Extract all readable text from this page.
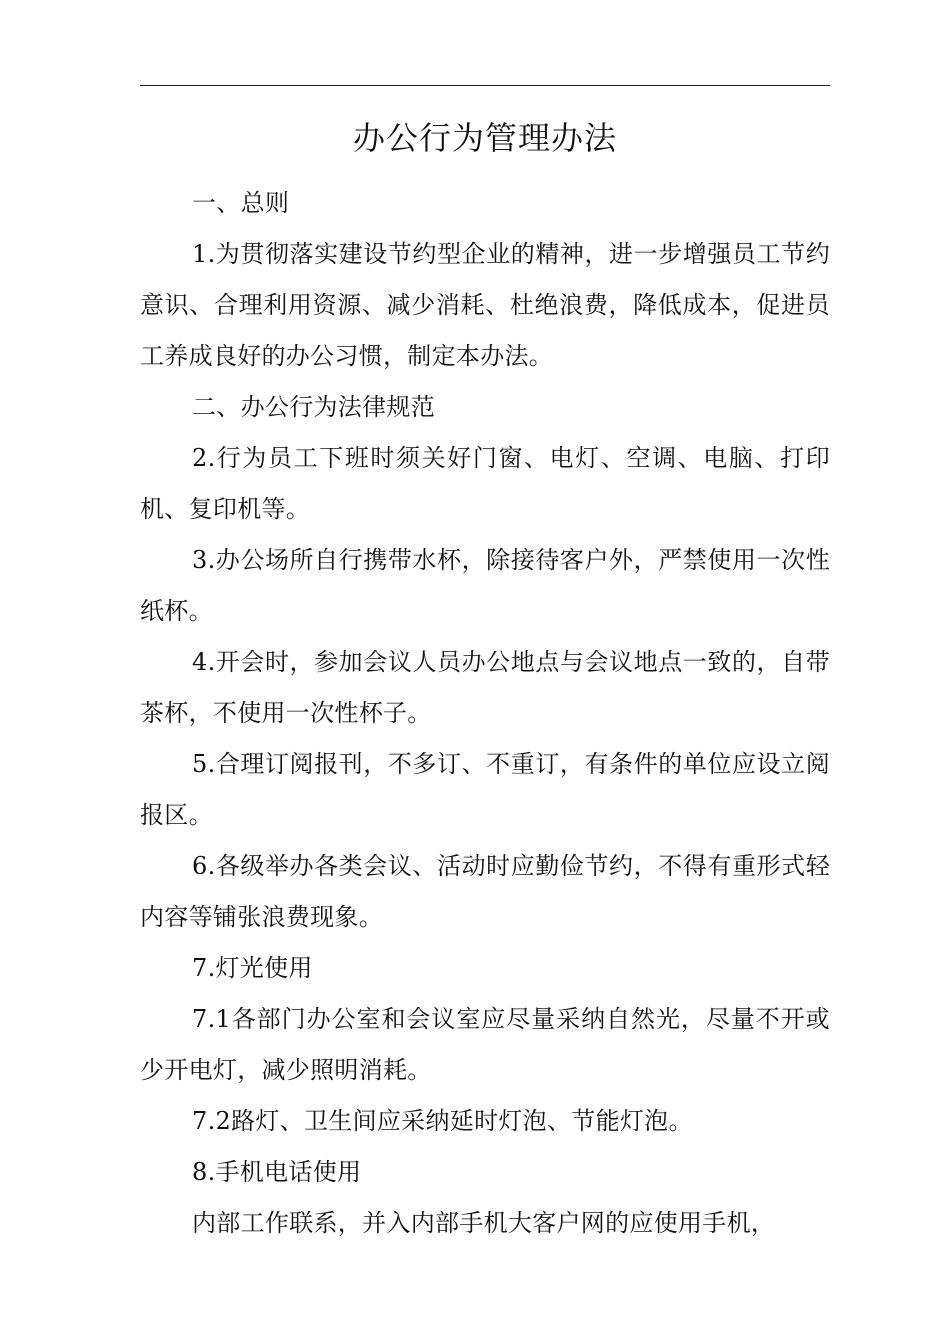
办公行为管理办法

一、总则

1.为贯彻落实建设节约型企业的精神，进一步增强员工节约意识、合理利用资源、减少消耗、杜绝浪费，降低成本，促进员工养成良好的办公习惯，制定本办法。

二、办公行为法律规范

2.行为员工下班时须关好门窗、电灯、空调、电脑、打印机、复印机等。

3.办公场所自行携带水杯，除接待客户外，严禁使用一次性纸杯。

4.开会时，参加会议人员办公地点与会议地点一致的，自带茶杯，不使用一次性杯子。

5.合理订阅报刊，不多订、不重订，有条件的单位应设立阅报区。

6.各级举办各类会议、活动时应勤俭节约，不得有重形式轻内容等铺张浪费现象。

7.灯光使用

7.1各部门办公室和会议室应尽量采纳自然光，尽量不开或少开电灯，减少照明消耗。

7.2路灯、卫生间应采纳延时灯泡、节能灯泡。

8.手机电话使用

内部工作联系，并入内部手机大客户网的应使用手机，
